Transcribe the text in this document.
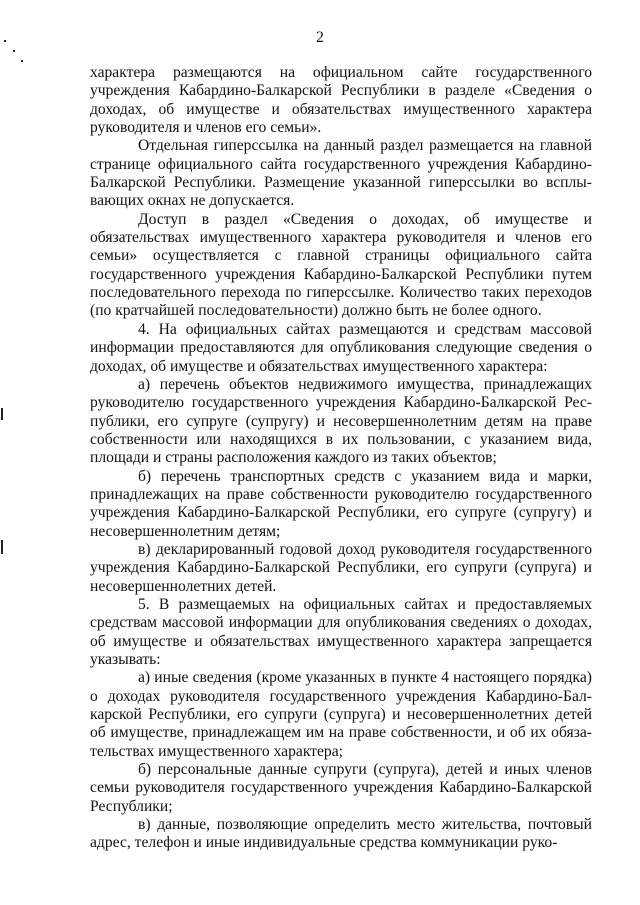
2

характера размещаются на официальном сайте государственного учреждения Кабардино-Балкарской Республики в разделе «Сведения о доходах, об имуществе и обязательствах имущественного характера руководителя и членов его семьи».

Отдельная гиперссылка на данный раздел размещается на главной странице официального сайта государственного учреждения Кабардино-Балкарской Республики. Размещение указанной гиперссылки во всплывающих окнах не допускается.

Доступ в раздел «Сведения о доходах, об имуществе и обязательствах имущественного характера руководителя и членов его семьи» осуществляется с главной страницы официального сайта государственного учреждения Кабардино-Балкарской Республики путем последовательного перехода по гиперссылке. Количество таких переходов (по кратчайшей последовательности) должно быть не более одного.

4. На официальных сайтах размещаются и средствам массовой информации предоставляются для опубликования следующие сведения о доходах, об имуществе и обязательствах имущественного характера:

а) перечень объектов недвижимого имущества, принадлежащих руководителю государственного учреждения Кабардино-Балкарской Республики, его супруге (супругу) и несовершеннолетним детям на праве собственности или находящихся в их пользовании, с указанием вида, площади и страны расположения каждого из таких объектов;

б) перечень транспортных средств с указанием вида и марки, принадлежащих на праве собственности руководителю государственного учреждения Кабардино-Балкарской Республики, его супруге (супругу) и несовершеннолетним детям;

в) декларированный годовой доход руководителя государственного учреждения Кабардино-Балкарской Республики, его супруги (супруга) и несовершеннолетних детей.

5. В размещаемых на официальных сайтах и предоставляемых средствам массовой информации для опубликования сведениях о доходах, об имуществе и обязательствах имущественного характера запрещается указывать:

а) иные сведения (кроме указанных в пункте 4 настоящего порядка) о доходах руководителя государственного учреждения Кабардино-Балкарской Республики, его супруги (супруга) и несовершеннолетних детей об имуществе, принадлежащем им на праве собственности, и об их обязательствах имущественного характера;

б) персональные данные супруги (супруга), детей и иных членов семьи руководителя государственного учреждения Кабардино-Балкарской Республики;

в) данные, позволяющие определить место жительства, почтовый адрес, телефон и иные индивидуальные средства коммуникации руко-
